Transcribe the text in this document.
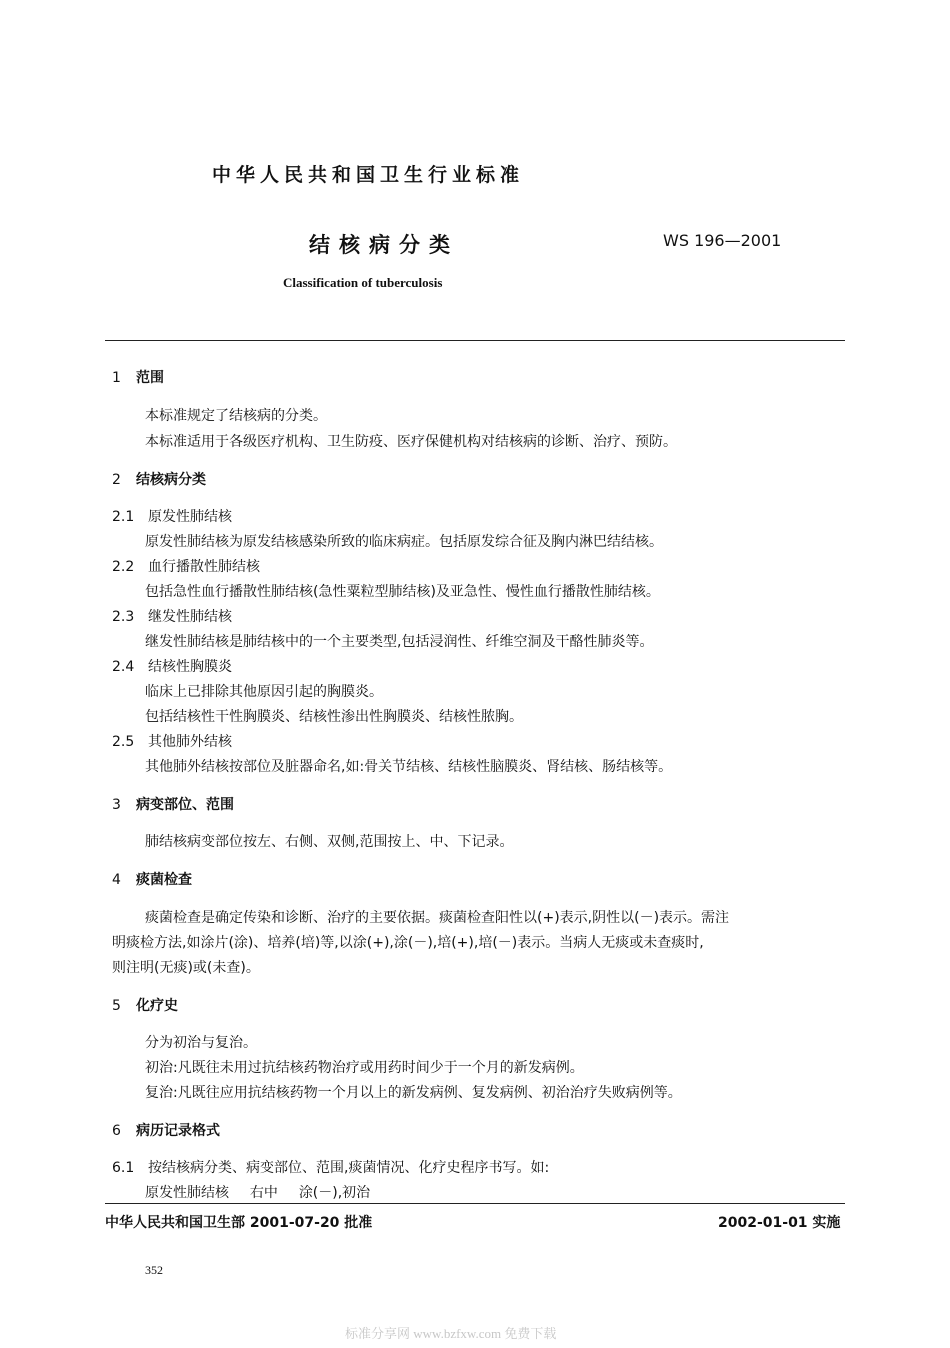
中华人民共和国卫生行业标准
结核病分类	WS 196—2001
Classification of tuberculosis
1 范围
本标准规定了结核病的分类。
本标准适用于各级医疗机构、卫生防疫、医疗保健机构对结核病的诊断、治疗、预防。
2 结核病分类
2.1 原发性肺结核
原发性肺结核为原发结核感染所致的临床病症。包括原发综合征及胸内淋巴结结核。
2.2 血行播散性肺结核
包括急性血行播散性肺结核(急性粟粒型肺结核)及亚急性、慢性血行播散性肺结核。
2.3 继发性肺结核
继发性肺结核是肺结核中的一个主要类型,包括浸润性、纤维空洞及干酪性肺炎等。
2.4 结核性胸膜炎
临床上已排除其他原因引起的胸膜炎。
包括结核性干性胸膜炎、结核性渗出性胸膜炎、结核性脓胸。
2.5 其他肺外结核
其他肺外结核按部位及脏器命名,如:骨关节结核、结核性脑膜炎、肾结核、肠结核等。
3 病变部位、范围
肺结核病变部位按左、右侧、双侧,范围按上、中、下记录。
4 痰菌检查
痰菌检查是确定传染和诊断、治疗的主要依据。痰菌检查阳性以(+)表示,阴性以(－)表示。需注
明痰检方法,如涂片(涂)、培养(培)等,以涂(+),涂(－),培(+),培(－)表示。当病人无痰或未查痰时,
则注明(无痰)或(未查)。
5 化疗史
分为初治与复治。
初治:凡既往未用过抗结核药物治疗或用药时间少于一个月的新发病例。
复治:凡既往应用抗结核药物一个月以上的新发病例、复发病例、初治治疗失败病例等。
6 病历记录格式
6.1 按结核病分类、病变部位、范围,痰菌情况、化疗史程序书写。如:
原发性肺结核 右中 涂(－),初治
中华人民共和国卫生部 2001-07-20 批准	2002-01-01 实施
352
标准分享网 www.bzfxw.com 免费下载
